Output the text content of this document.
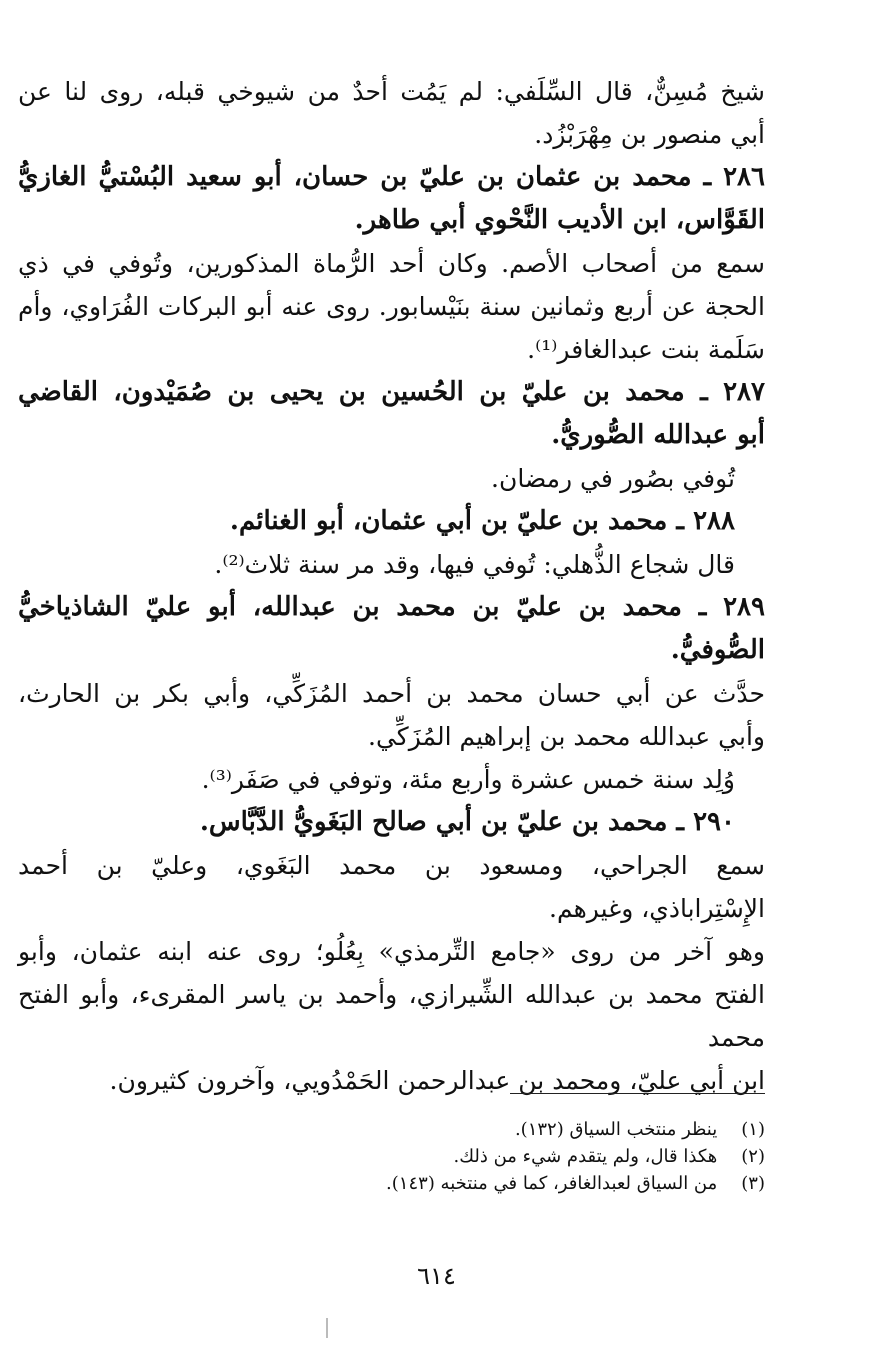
شيخ مُسِنٌّ، قال السِّلَفي: لم يَمُت أحدٌ من شيوخي قبله، روى لنا عن
أبي منصور بن مِهْرَبْزُد.
٢٨٦ ـ محمد بن عثمان بن عليّ بن حسان، أبو سعيد البُسْتيُّ الغازيُّ
القَوَّاس، ابن الأديب النَّحْوي أبي طاهر.
سمع من أصحاب الأصم. وكان أحد الرُّماة المذكورين، وتُوفي في ذي
الحجة عن أربع وثمانين سنة بنَيْسابور. روى عنه أبو البركات الفُرَاوي، وأم
سَلَمة بنت عبدالغافر⁽¹⁾.
٢٨٧ ـ محمد بن عليّ بن الحُسين بن يحيى بن صُمَيْدون، القاضي
أبو عبدالله الصُّوريُّ.
تُوفي بصُور في رمضان.
٢٨٨ ـ محمد بن عليّ بن أبي عثمان، أبو الغنائم.
قال شجاع الذُّهلي: تُوفي فيها، وقد مر سنة ثلاث⁽²⁾.
٢٨٩ ـ محمد بن عليّ بن محمد بن عبدالله، أبو عليّ الشاذياخيُّ
الصُّوفيُّ.
حدَّث عن أبي حسان محمد بن أحمد المُزَكِّي، وأبي بكر بن الحارث،
وأبي عبدالله محمد بن إبراهيم المُزَكِّي.
وُلِد سنة خمس عشرة وأربع مئة، وتوفي في صَفَر⁽³⁾.
٢٩٠ ـ محمد بن عليّ بن أبي صالح البَغَويُّ الدَّبَّاس.
سمع الجراحي، ومسعود بن محمد البَغَوي، وعليّ بن أحمد
الإِسْتِراباذي، وغيرهم.
وهو آخر من روى «جامع التِّرمذي» بِعُلُو؛ روى عنه ابنه عثمان، وأبو
الفتح محمد بن عبدالله الشِّيرازي، وأحمد بن ياسر المقرىء، وأبو الفتح محمد
ابن أبي عليّ، ومحمد بن عبدالرحمن الحَمْدُويي، وآخرون كثيرون.
(١) ينظر منتخب السياق (١٣٢).
(٢) هكذا قال، ولم يتقدم شيء من ذلك.
(٣) من السياق لعبدالغافر، كما في منتخبه (١٤٣).
٦١٤
